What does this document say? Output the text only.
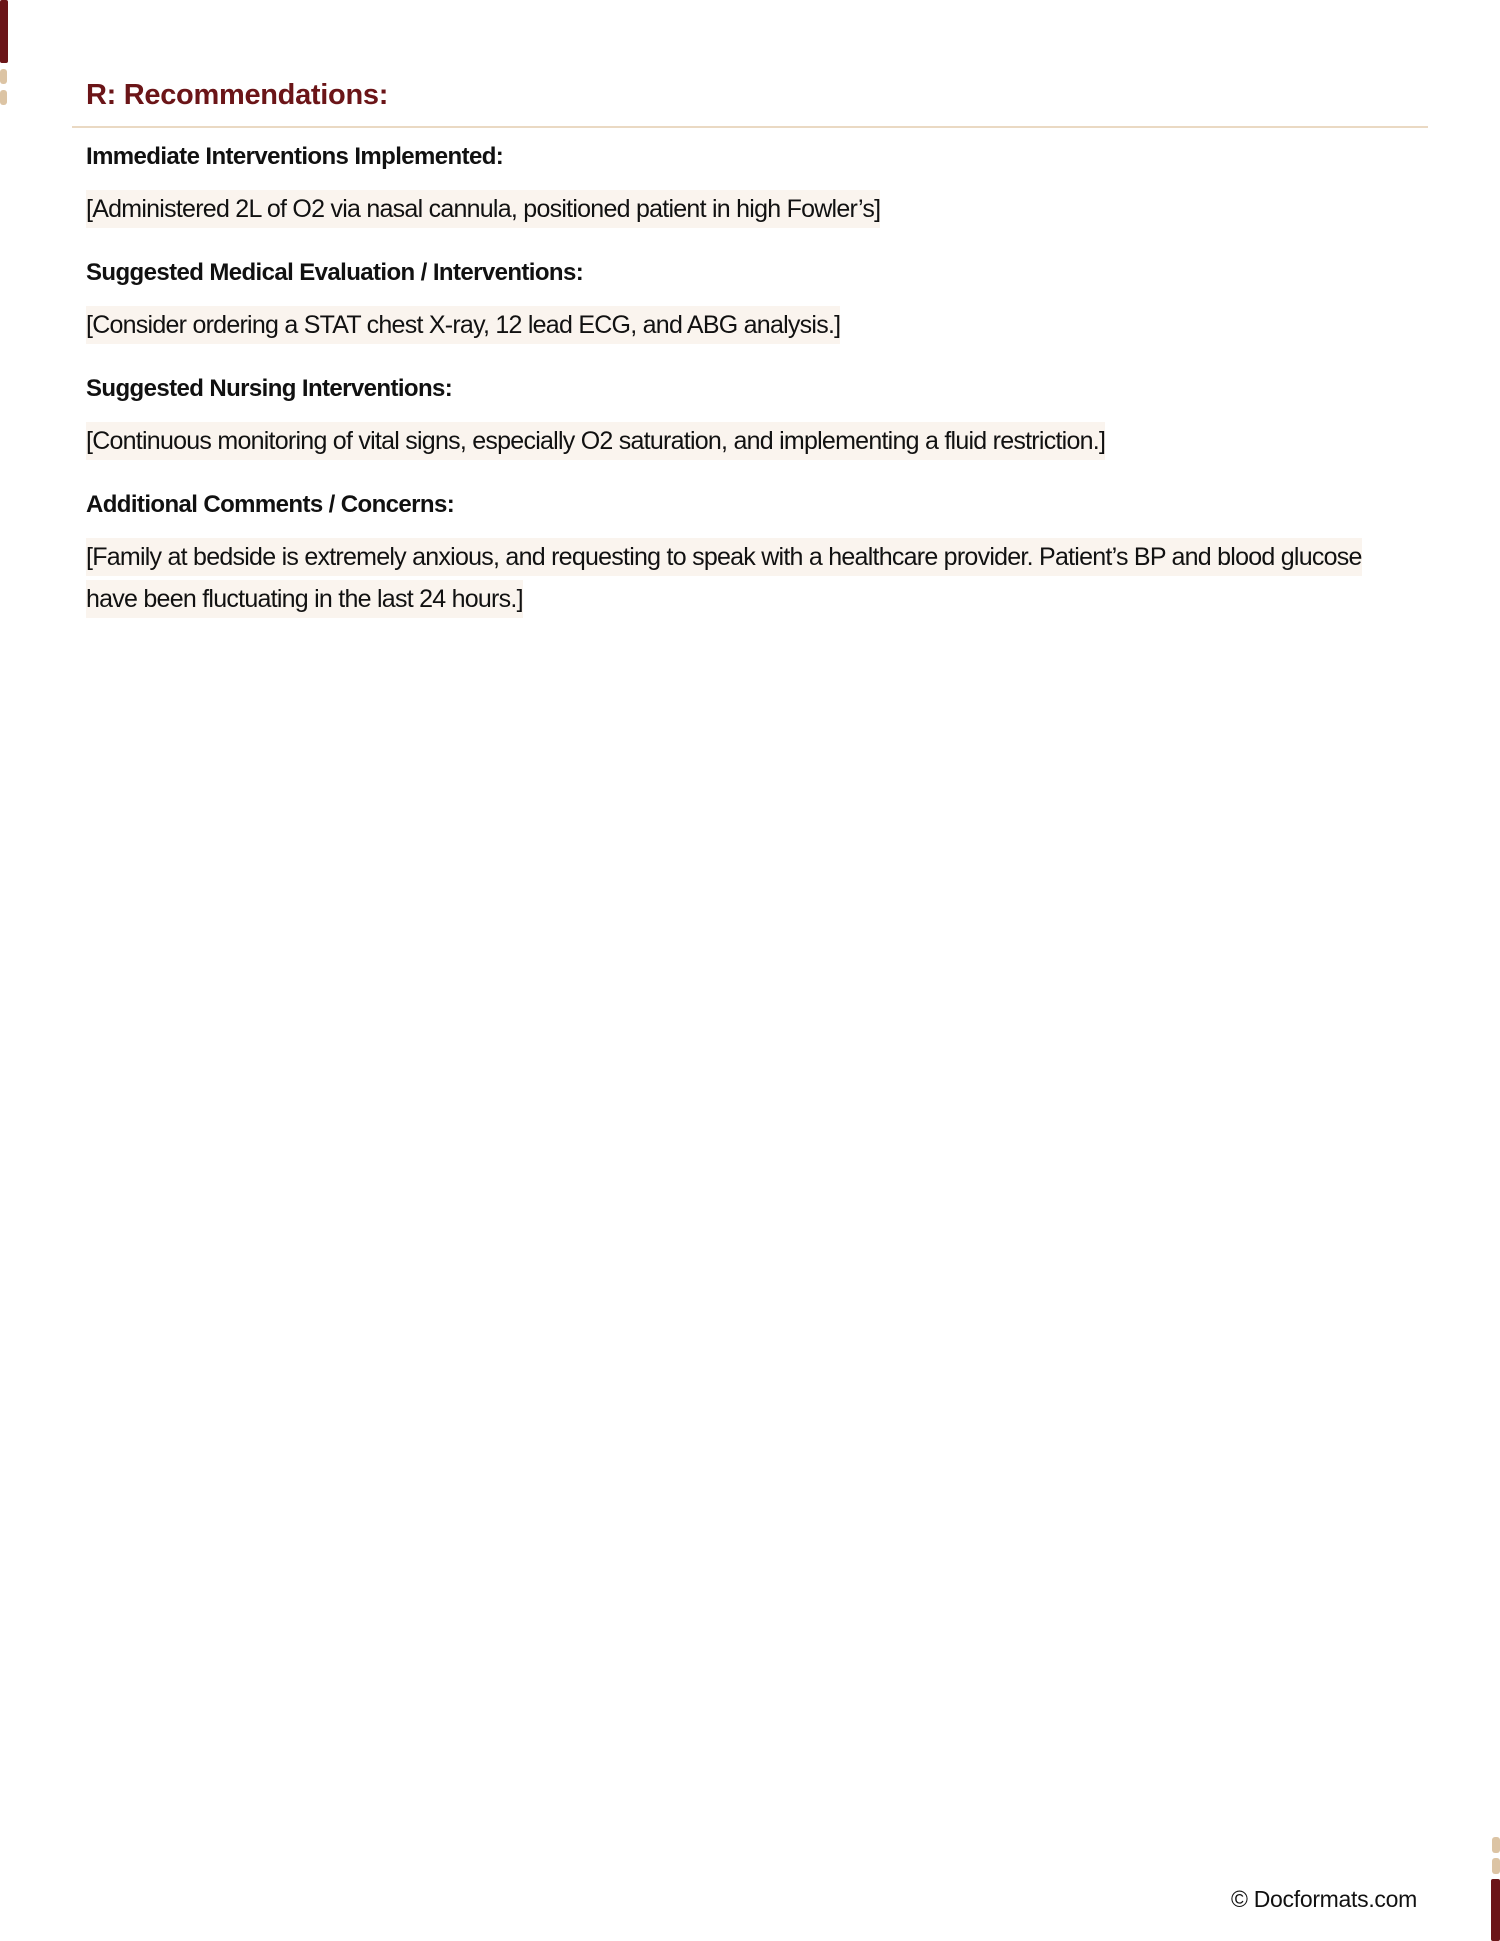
R: Recommendations:
Immediate Interventions Implemented:

[Administered 2L of O2 via nasal cannula, positioned patient in high Fowler’s]

Suggested Medical Evaluation / Interventions:

[Consider ordering a STAT chest X-ray, 12 lead ECG, and ABG analysis.]

Suggested Nursing Interventions:

[Continuous monitoring of vital signs, especially O2 saturation, and implementing a fluid restriction.]

Additional Comments / Concerns:

[Family at bedside is extremely anxious, and requesting to speak with a healthcare provider. Patient’s BP and blood glucose have been fluctuating in the last 24 hours.]

© Docformats.com
